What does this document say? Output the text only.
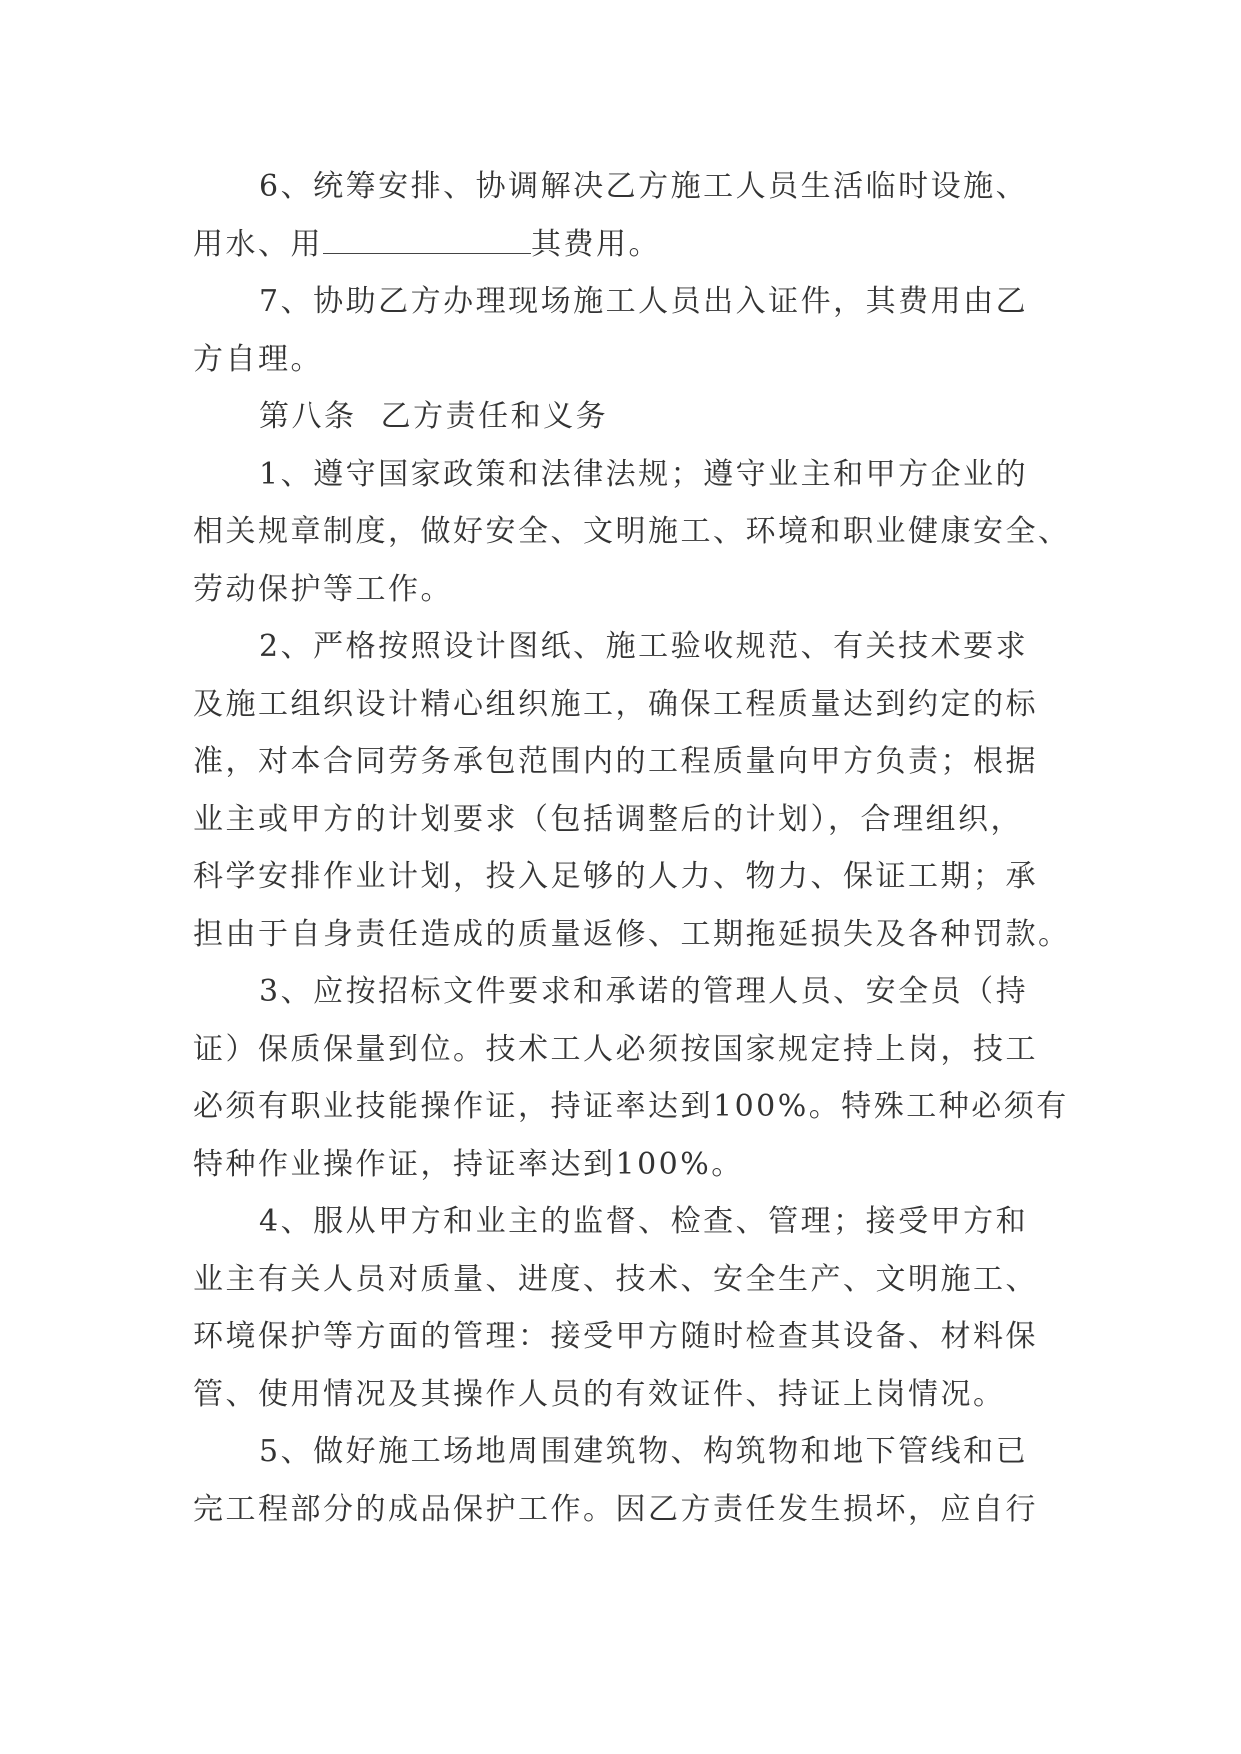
6、统筹安排、协调解决乙方施工人员生活临时设施、
用水、用	其费用。
7、协助乙方办理现场施工人员出入证件，其费用由乙
方自理。
第八条  乙方责任和义务
1、遵守国家政策和法律法规；遵守业主和甲方企业的
相关规章制度，做好安全、文明施工、环境和职业健康安全、
劳动保护等工作。
2、严格按照设计图纸、施工验收规范、有关技术要求
及施工组织设计精心组织施工，确保工程质量达到约定的标
准，对本合同劳务承包范围内的工程质量向甲方负责；根据
业主或甲方的计划要求（包括调整后的计划），合理组织，
科学安排作业计划，投入足够的人力、物力、保证工期；承
担由于自身责任造成的质量返修、工期拖延损失及各种罚款。
3、应按招标文件要求和承诺的管理人员、安全员（持
证）保质保量到位。技术工人必须按国家规定持上岗，技工
必须有职业技能操作证，持证率达到100%。特殊工种必须有
特种作业操作证，持证率达到100%。
4、服从甲方和业主的监督、检查、管理；接受甲方和
业主有关人员对质量、进度、技术、安全生产、文明施工、
环境保护等方面的管理：接受甲方随时检查其设备、材料保
管、使用情况及其操作人员的有效证件、持证上岗情况。
5、做好施工场地周围建筑物、构筑物和地下管线和已
完工程部分的成品保护工作。因乙方责任发生损坏，应自行
